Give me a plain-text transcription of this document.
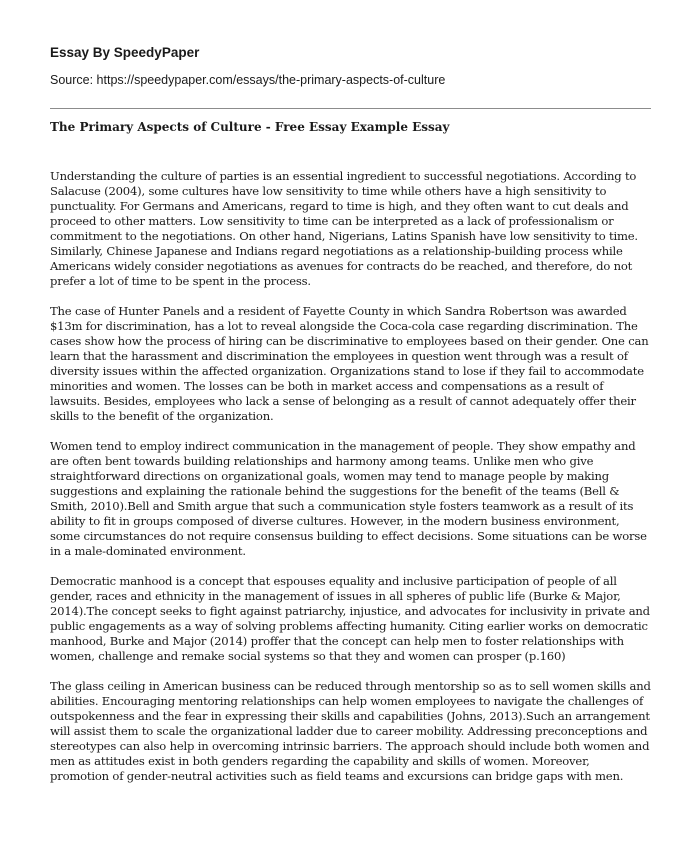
Essay By SpeedyPaper

Source: https://speedypaper.com/essays/the-primary-aspects-of-culture

The Primary Aspects of Culture - Free Essay Example Essay

Understanding the culture of parties is an essential ingredient to successful negotiations. According to Salacuse (2004), some cultures have low sensitivity to time while others have a high sensitivity to punctuality. For Germans and Americans, regard to time is high, and they often want to cut deals and proceed to other matters. Low sensitivity to time can be interpreted as a lack of professionalism or commitment to the negotiations. On other hand, Nigerians, Latins Spanish have low sensitivity to time. Similarly, Chinese Japanese and Indians regard negotiations as a relationship-building process while Americans widely consider negotiations as avenues for contracts do be reached, and therefore, do not prefer a lot of time to be spent in the process.

The case of Hunter Panels and a resident of Fayette County in which Sandra Robertson was awarded $13m for discrimination, has a lot to reveal alongside the Coca-cola case regarding discrimination. The cases show how the process of hiring can be discriminative to employees based on their gender. One can learn that the harassment and discrimination the employees in question went through was a result of diversity issues within the affected organization. Organizations stand to lose if they fail to accommodate minorities and women. The losses can be both in market access and compensations as a result of lawsuits. Besides, employees who lack a sense of belonging as a result of cannot adequately offer their skills to the benefit of the organization.

Women tend to employ indirect communication in the management of people. They show empathy and are often bent towards building relationships and harmony among teams. Unlike men who give straightforward directions on organizational goals, women may tend to manage people by making suggestions and explaining the rationale behind the suggestions for the benefit of the teams (Bell & Smith, 2010).Bell and Smith argue that such a communication style fosters teamwork as a result of its ability to fit in groups composed of diverse cultures. However, in the modern business environment, some circumstances do not require consensus building to effect decisions. Some situations can be worse in a male-dominated environment.

Democratic manhood is a concept that espouses equality and inclusive participation of people of all gender, races and ethnicity in the management of issues in all spheres of public life (Burke & Major, 2014).The concept seeks to fight against patriarchy, injustice, and advocates for inclusivity in private and public engagements as a way of solving problems affecting humanity. Citing earlier works on democratic manhood, Burke and Major (2014) proffer that the concept can help men to foster relationships with women, challenge and remake social systems so that they and women can prosper (p.160)

The glass ceiling in American business can be reduced through mentorship so as to sell women skills and abilities. Encouraging mentoring relationships can help women employees to navigate the challenges of outspokenness and the fear in expressing their skills and capabilities (Johns, 2013).Such an arrangement will assist them to scale the organizational ladder due to career mobility. Addressing preconceptions and stereotypes can also help in overcoming intrinsic barriers. The approach should include both women and men as attitudes exist in both genders regarding the capability and skills of women. Moreover, promotion of gender-neutral activities such as field teams and excursions can bridge gaps with men.
